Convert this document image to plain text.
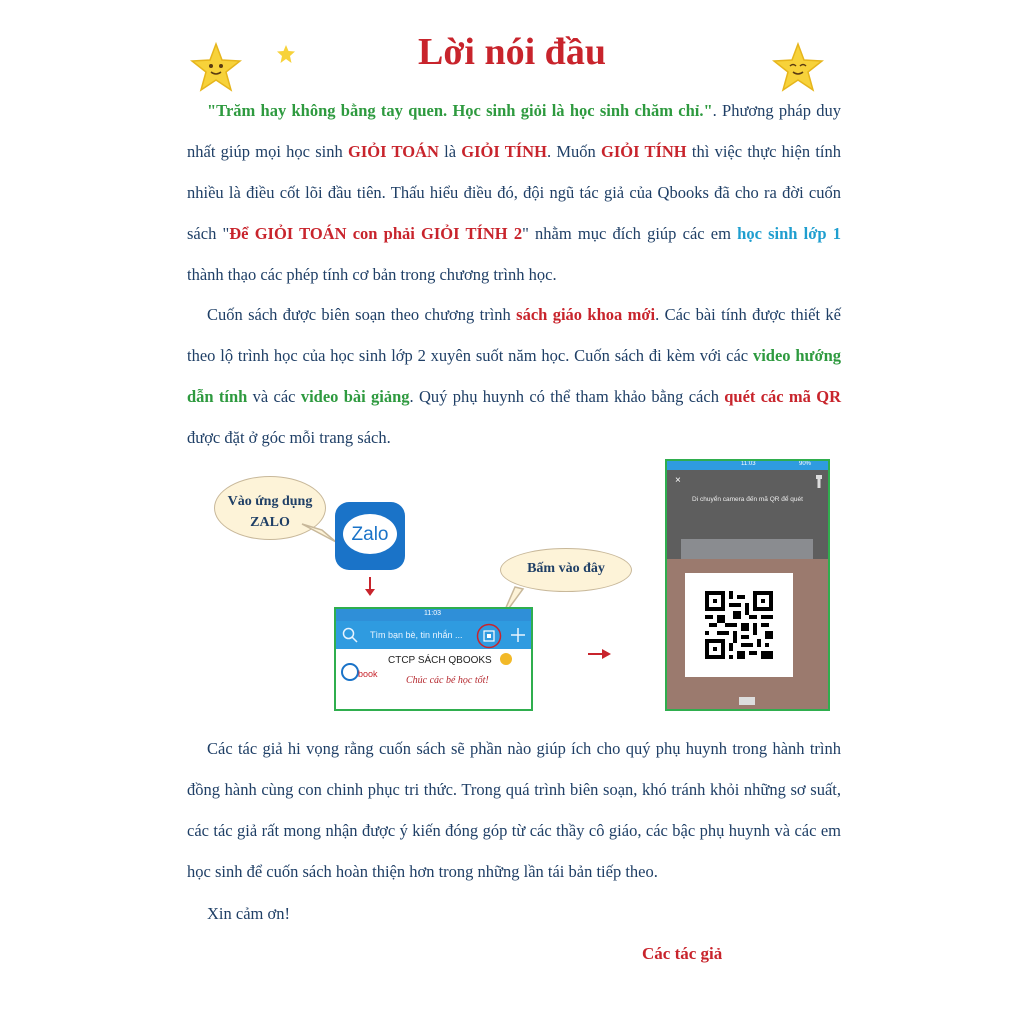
Lời nói đầu

"Trăm hay không bằng tay quen. Học sinh giỏi là học sinh chăm chỉ.". Phương pháp duy nhất giúp mọi học sinh GIỎI TOÁN là GIỎI TÍNH. Muốn GIỎI TÍNH thì việc thực hiện tính nhiều là điều cốt lõi đầu tiên. Thấu hiểu điều đó, đội ngũ tác giả của Qbooks đã cho ra đời cuốn sách "Để GIỎI TOÁN con phải GIỎI TÍNH 2" nhằm mục đích giúp các em học sinh lớp 1 thành thạo các phép tính cơ bản trong chương trình học.

Cuốn sách được biên soạn theo chương trình sách giáo khoa mới. Các bài tính được thiết kế theo lộ trình học của học sinh lớp 2 xuyên suốt năm học. Cuốn sách đi kèm với các video hướng dẫn tính và các video bài giảng. Quý phụ huynh có thể tham khảo bằng cách quét các mã QR được đặt ở góc mỗi trang sách.

Vào ứng dụng ZALO
Zalo
Bấm vào đây
11:03
Tìm bạn bè, tin nhắn ...
book
CTCP SÁCH QBOOKS
Chúc các bé học tốt!
11:03	90%
×
Di chuyển camera đến mã QR để quét

Các tác giả hi vọng rằng cuốn sách sẽ phần nào giúp ích cho quý phụ huynh trong hành trình đồng hành cùng con chinh phục tri thức. Trong quá trình biên soạn, khó tránh khỏi những sơ suất, các tác giả rất mong nhận được ý kiến đóng góp từ các thầy cô giáo, các bậc phụ huynh và các em học sinh để cuốn sách hoàn thiện hơn trong những lần tái bản tiếp theo.

Xin cảm ơn!

Các tác giả
